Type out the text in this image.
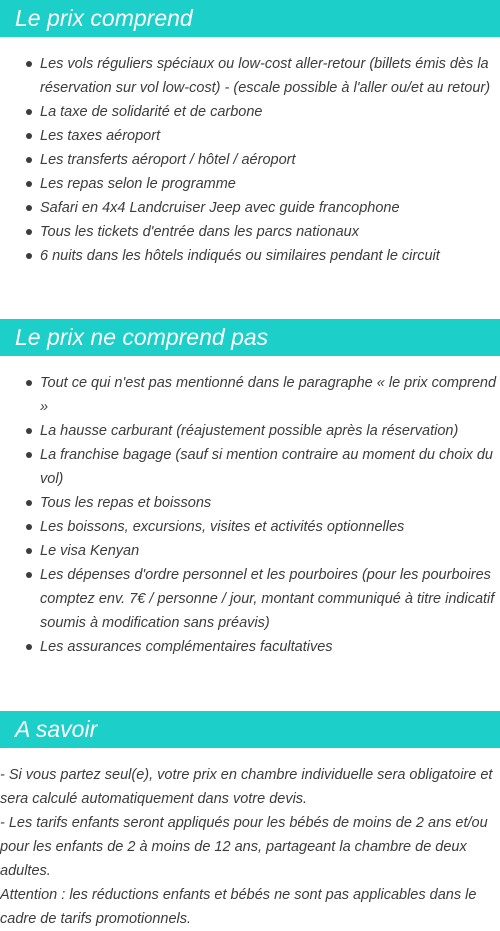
Le prix comprend
Les vols réguliers spéciaux ou low-cost aller-retour (billets émis dès la réservation sur vol low-cost) - (escale possible à l'aller ou/et au retour)
La taxe de solidarité et de carbone
Les taxes aéroport
Les transferts aéroport / hôtel / aéroport
Les repas selon le programme
Safari en 4x4 Landcruiser Jeep avec guide francophone
Tous les tickets d'entrée dans les parcs nationaux
6 nuits dans les hôtels indiqués ou similaires pendant le circuit
Le prix ne comprend pas
Tout ce qui n'est pas mentionné dans le paragraphe « le prix comprend »
La hausse carburant (réajustement possible après la réservation)
La franchise bagage (sauf si mention contraire au moment du choix du vol)
Tous les repas et boissons
Les boissons, excursions, visites et activités optionnelles
Le visa Kenyan
Les dépenses d'ordre personnel et les pourboires (pour les pourboires comptez env. 7€ / personne / jour, montant communiqué à titre indicatif soumis à modification sans préavis)
Les assurances complémentaires facultatives
A savoir

- Si vous partez seul(e), votre prix en chambre individuelle sera obligatoire et sera calculé automatiquement dans votre devis.

- Les tarifs enfants seront appliqués pour les bébés de moins de 2 ans et/ou pour les enfants de 2 à moins de 12 ans, partageant la chambre de deux adultes.

Attention : les réductions enfants et bébés ne sont pas applicables dans le cadre de tarifs promotionnels.
